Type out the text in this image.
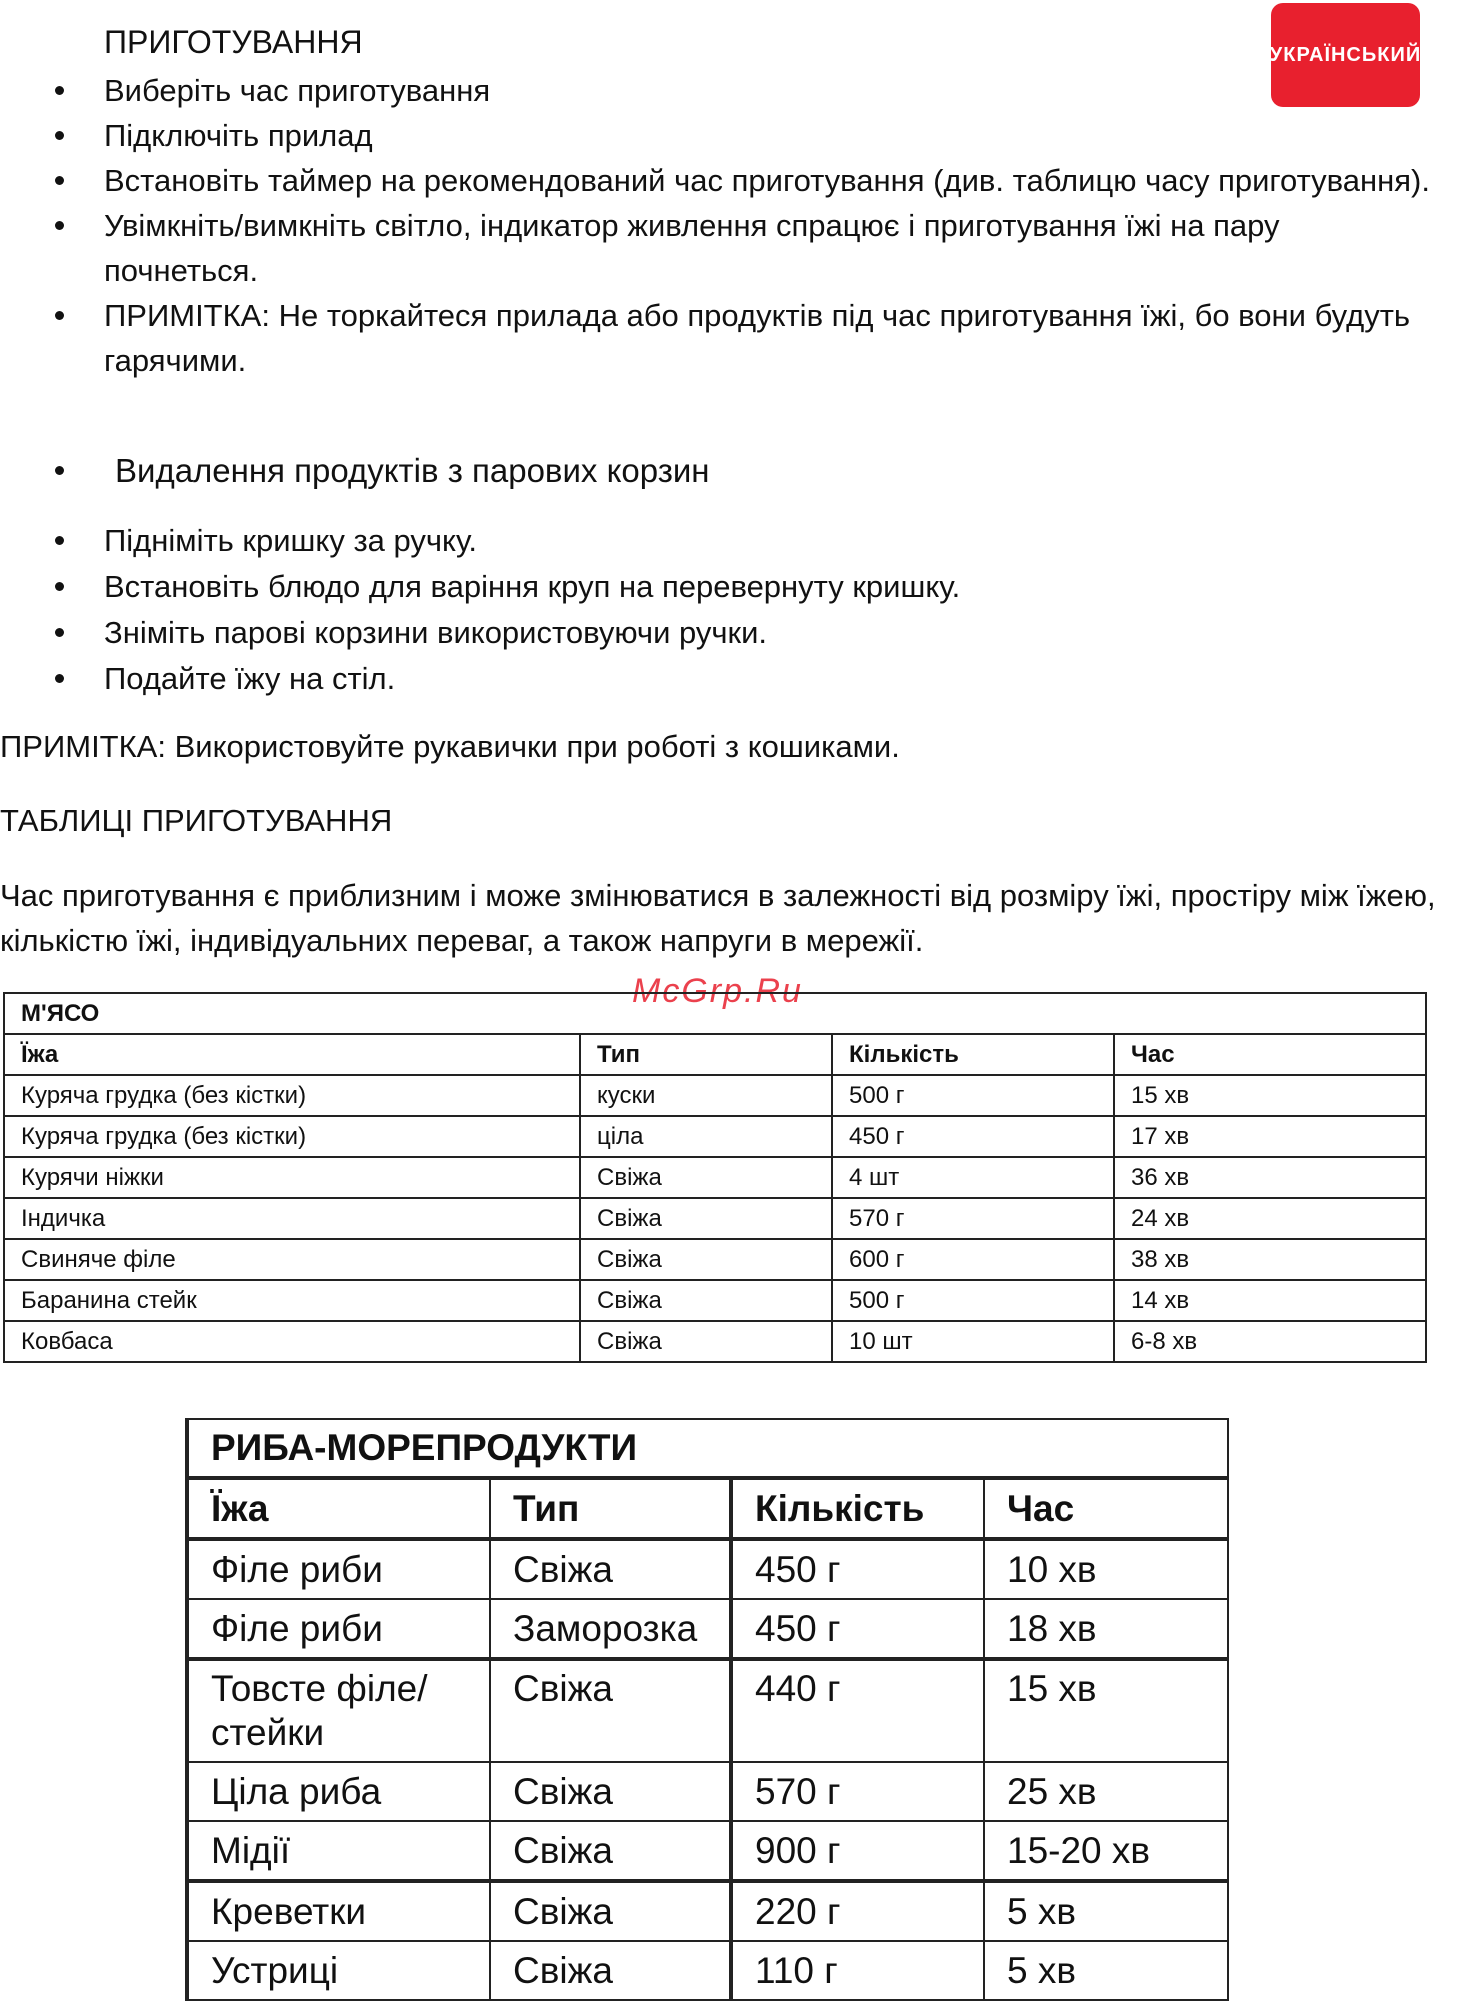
УКРАЇНСЬКИЙ
ПРИГОТУВАННЯ
Виберіть час приготування
Підключіть прилад
Встановіть таймер на рекомендований час приготування (див. таблицю часу приготування).
Увімкніть/вимкніть світло, індикатор живлення спрацює і приготування їжі на пару почнеться.
ПРИМІТКА: Не торкайтеся прилада або продуктів під час приготування їжі, бо вони будуть гарячими.
Видалення продуктів з парових корзин
Підніміть кришку за ручку.
Встановіть блюдо для варіння круп на перевернуту кришку.
Зніміть парові корзини використовуючи ручки.
Подайте їжу на стіл.
ПРИМІТКА: Використовуйте рукавички при роботі з кошиками.
ТАБЛИЦІ ПРИГОТУВАННЯ
Час приготування є приблизним і може змінюватися в залежності від розміру їжі, простіру між їжею, кількістю їжі, індивідуальних переваг, а також напруги в мережії.
McGrp.Ru
М'ЯСО			
Їжа	Тип	Кількість	Час
Куряча грудка (без кістки)	куски	500 г	15 хв
Куряча грудка (без кістки)	ціла	450 г	17 хв
Курячи ніжки	Свіжа	4 шт	36 хв
Індичка	Свіжа	570 г	24 хв
Свиняче філе	Свіжа	600 г	38 хв
Баранина стейк	Свіжа	500 г	14 хв
Ковбаса	Свіжа	10 шт	6-8 хв
РИБА-МОРЕПРОДУКТИ			
Їжа	Тип	Кількість	Час
Філе риби	Свіжа	450 г	10 хв
Філе риби	Заморозка	450 г	18 хв
Товсте філе/стейки	Свіжа	440 г	15 хв
Ціла риба	Свіжа	570 г	25 хв
Мідії	Свіжа	900 г	15-20 хв
Креветки	Свіжа	220 г	5 хв
Устриці	Свіжа	110 г	5 хв
